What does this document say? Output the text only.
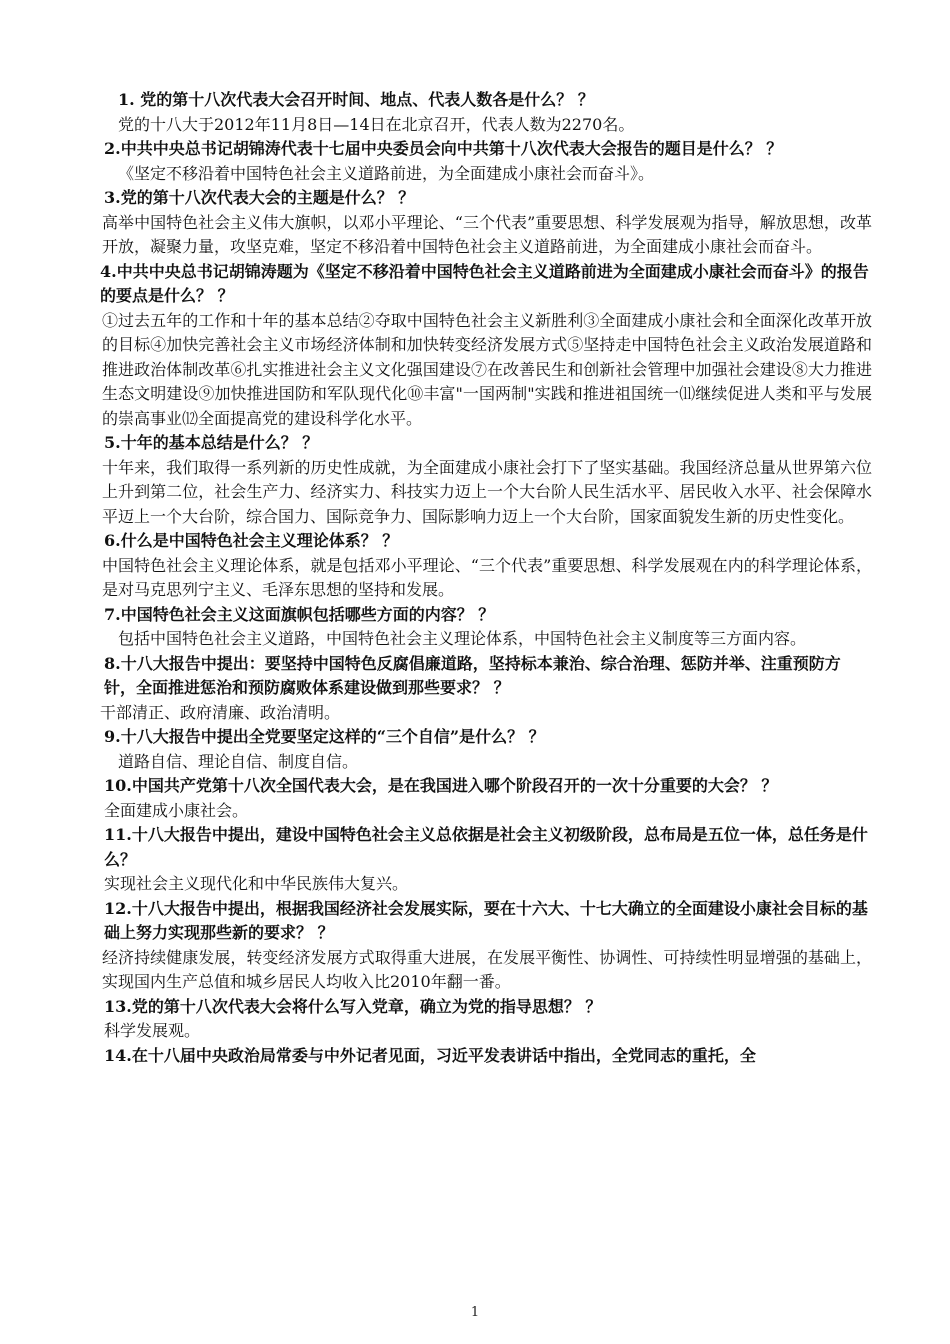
1. 党的第十八次代表大会召开时间、地点、代表人数各是什么？ ？

党的十八大于2012年11月8日—14日在北京召开，代表人数为2270名。

2.中共中央总书记胡锦涛代表十七届中央委员会向中共第十八次代表大会报告的题目是什么？ ？

《坚定不移沿着中国特色社会主义道路前进，为全面建成小康社会而奋斗》。

3.党的第十八次代表大会的主题是什么？ ？

高举中国特色社会主义伟大旗帜，以邓小平理论、“三个代表”重要思想、科学发展观为指导，解放思想，改革开放，凝聚力量，攻坚克难，坚定不移沿着中国特色社会主义道路前进，为全面建成小康社会而奋斗。

4.中共中央总书记胡锦涛题为《坚定不移沿着中国特色社会主义道路前进为全面建成小康社会而奋斗》的报告的要点是什么？ ？

①过去五年的工作和十年的基本总结②夺取中国特色社会主义新胜利③全面建成小康社会和全面深化改革开放的目标④加快完善社会主义市场经济体制和加快转变经济发展方式⑤坚持走中国特色社会主义政治发展道路和推进政治体制改革⑥扎实推进社会主义文化强国建设⑦在改善民生和创新社会管理中加强社会建设⑧大力推进生态文明建设⑨加快推进国防和军队现代化⑩丰富"一国两制"实践和推进祖国统一⑾继续促进人类和平与发展的崇高事业⑿全面提高党的建设科学化水平。

5.十年的基本总结是什么？ ？

十年来，我们取得一系列新的历史性成就，为全面建成小康社会打下了坚实基础。我国经济总量从世界第六位上升到第二位，社会生产力、经济实力、科技实力迈上一个大台阶人民生活水平、居民收入水平、社会保障水平迈上一个大台阶，综合国力、国际竞争力、国际影响力迈上一个大台阶，国家面貌发生新的历史性变化。

6.什么是中国特色社会主义理论体系？ ？

中国特色社会主义理论体系，就是包括邓小平理论、“三个代表”重要思想、科学发展观在内的科学理论体系，是对马克思列宁主义、毛泽东思想的坚持和发展。

7.中国特色社会主义这面旗帜包括哪些方面的内容？ ？

包括中国特色社会主义道路，中国特色社会主义理论体系，中国特色社会主义制度等三方面内容。

8.十八大报告中提出：要坚持中国特色反腐倡廉道路，坚持标本兼治、综合治理、惩防并举、注重预防方针，全面推进惩治和预防腐败体系建设做到那些要求？ ？

干部清正、政府清廉、政治清明。

9.十八大报告中提出全党要坚定这样的“三个自信”是什么？ ？

道路自信、理论自信、制度自信。

10.中国共产党第十八次全国代表大会，是在我国进入哪个阶段召开的一次十分重要的大会？ ？

全面建成小康社会。

11.十八大报告中提出，建设中国特色社会主义总依据是社会主义初级阶段，总布局是五位一体，总任务是什么？

实现社会主义现代化和中华民族伟大复兴。

12.十八大报告中提出，根据我国经济社会发展实际，要在十六大、十七大确立的全面建设小康社会目标的基础上努力实现那些新的要求？ ？

经济持续健康发展，转变经济发展方式取得重大进展，在发展平衡性、协调性、可持续性明显增强的基础上，实现国内生产总值和城乡居民人均收入比2010年翻一番。

13.党的第十八次代表大会将什么写入党章，确立为党的指导思想？ ？

科学发展观。

14.在十八届中央政治局常委与中外记者见面，习近平发表讲话中指出，全党同志的重托，全

1
